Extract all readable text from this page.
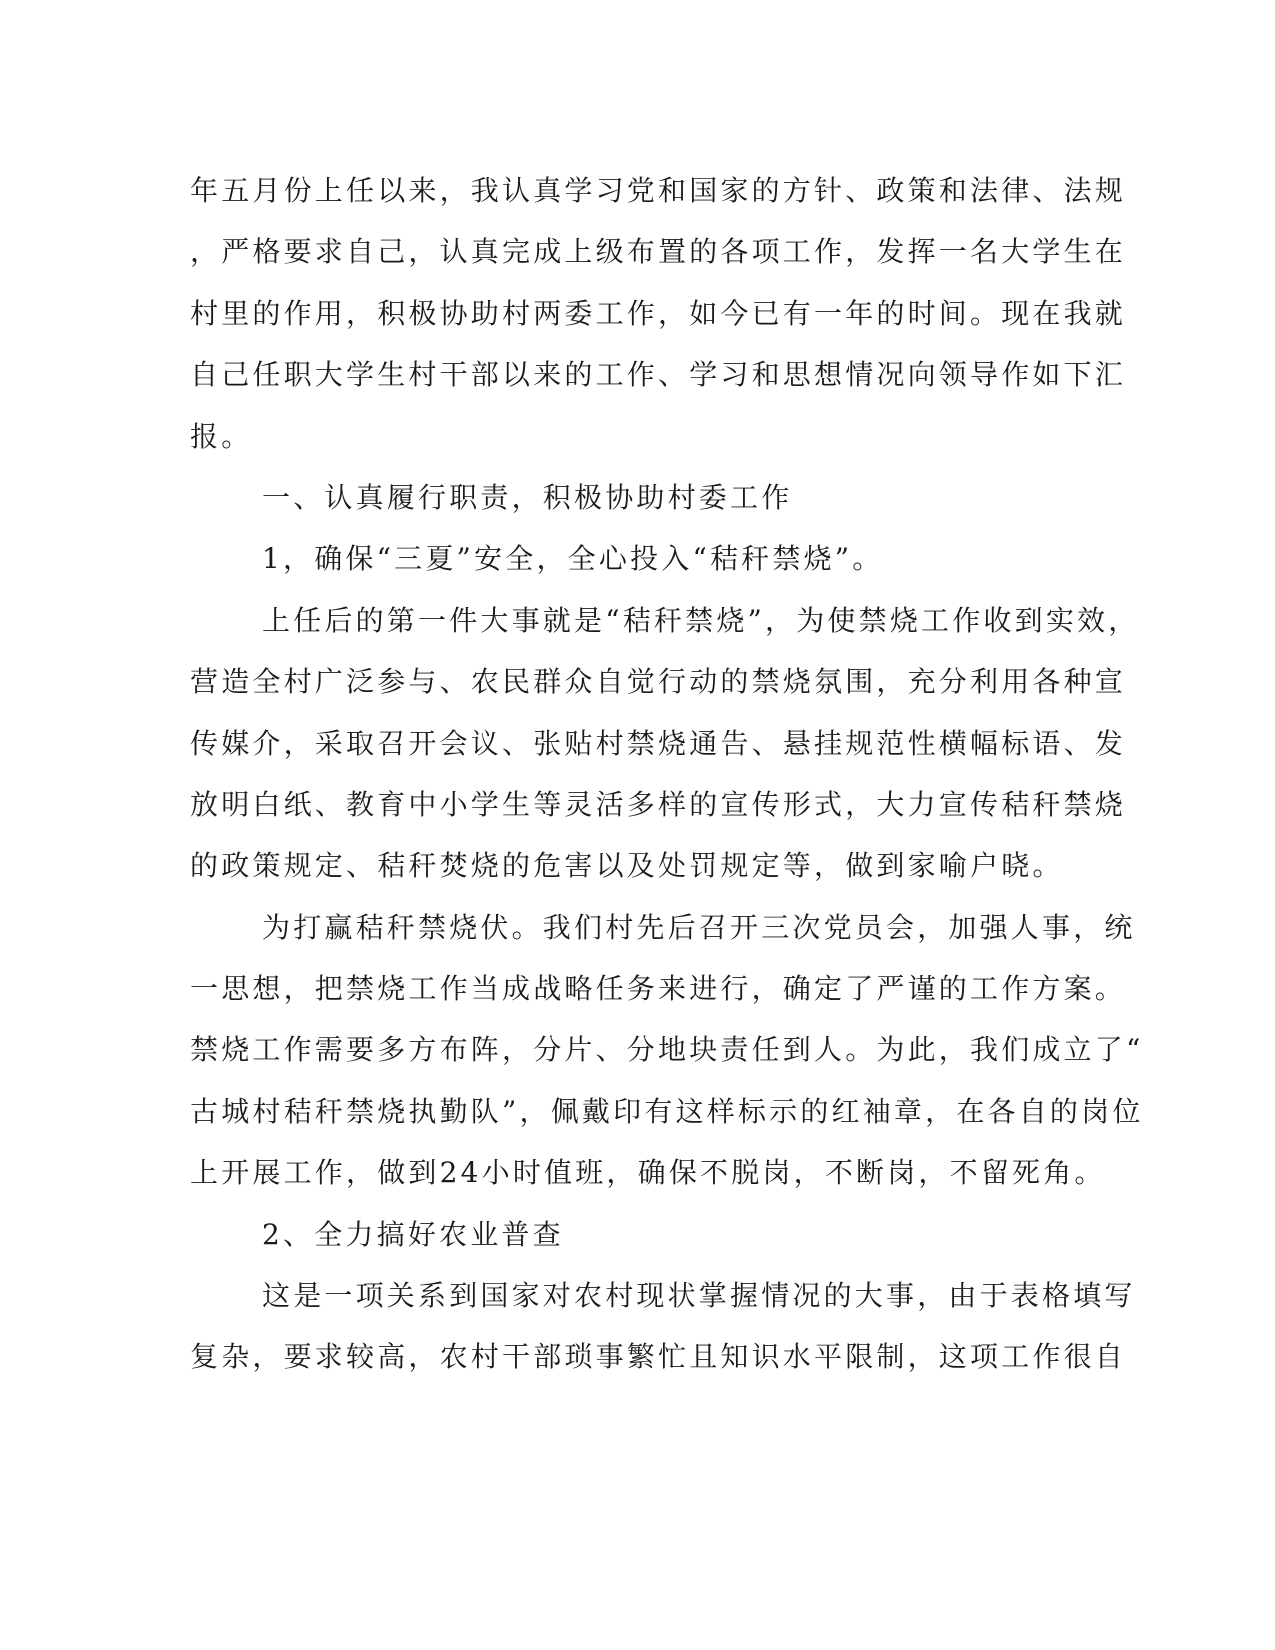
年五月份上任以来，我认真学习党和国家的方针、政策和法律、法规
，严格要求自己，认真完成上级布置的各项工作，发挥一名大学生在
村里的作用，积极协助村两委工作，如今已有一年的时间。现在我就
自己任职大学生村干部以来的工作、学习和思想情况向领导作如下汇
报。
一、认真履行职责，积极协助村委工作
1，确保“三夏”安全，全心投入“秸秆禁烧”。
上任后的第一件大事就是“秸秆禁烧”，为使禁烧工作收到实效，
营造全村广泛参与、农民群众自觉行动的禁烧氛围，充分利用各种宣
传媒介，采取召开会议、张贴村禁烧通告、悬挂规范性横幅标语、发
放明白纸、教育中小学生等灵活多样的宣传形式，大力宣传秸秆禁烧
的政策规定、秸秆焚烧的危害以及处罚规定等，做到家喻户晓。
为打赢秸秆禁烧伏。我们村先后召开三次党员会，加强人事，统
一思想，把禁烧工作当成战略任务来进行，确定了严谨的工作方案。
禁烧工作需要多方布阵，分片、分地块责任到人。为此，我们成立了“
古城村秸秆禁烧执勤队”，佩戴印有这样标示的红袖章，在各自的岗位
上开展工作，做到24小时值班，确保不脱岗，不断岗，不留死角。
2、全力搞好农业普查
这是一项关系到国家对农村现状掌握情况的大事，由于表格填写
复杂，要求较高，农村干部琐事繁忙且知识水平限制，这项工作很自
